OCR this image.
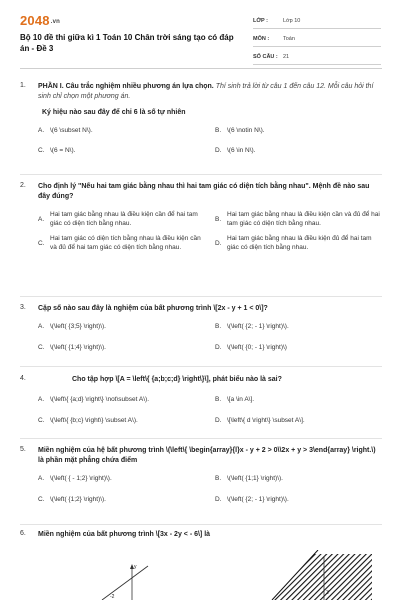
2048.vn
Bộ 10 đề thi giữa kì 1 Toán 10 Chân trời sáng tạo có đáp án - Đề 3
LỚP :	Lớp 10
MÔN :	Toán
SỐ CÂU : 21
1.	PHẦN I. Câu trắc nghiệm nhiều phương án lựa chọn. Thí sinh trả lời từ câu 1 đến câu 12. Mỗi câu hỏi thí sinh chỉ chọn một phương án.
Ký hiệu nào sau đây để chỉ 6 là số tự nhiên
A. \(6 \subset N\).	B. \(6 \notin N\).
C. \(6 = N\).	D. \(6 \in N\).
2.	Cho định lý "Nếu hai tam giác bằng nhau thì hai tam giác có diện tích bằng nhau". Mệnh đề nào sau đây đúng?
A.
Hai tam giác bằng nhau là điều kiện cần để hai tam giác có diện tích bằng nhau.
B.
Hai tam giác bằng nhau là điều kiện cần và đủ để hai tam giác có diện tích bằng nhau.
C.
Hai tam giác có diện tích bằng nhau là điều kiện cần và đủ để hai tam giác có diện tích bằng nhau.
D.
Hai tam giác bằng nhau là điều kiện đủ để hai tam giác có diện tích bằng nhau.
3.	Cặp số nào sau đây là nghiệm của bất phương trình \[2x - y + 1 < 0\]?
A. \(\left( {3;5} \right)\).	B. \(\left( {2; - 1} \right)\).
C. \(\left( {1;4} \right)\).	D. \(\left( {0; - 1} \right)\)
4.	Cho tập hợp \[A = \left\{ {a;b;c;d} \right\}\], phát biểu nào là sai?
A. \(\left\{ {a;d} \right\} \not\subset A\).	B. \[a \in A\].
C. \(\left\{ {b;c} \right\} \subset A\).	D. \[\left\{ d \right\} \subset A\].
5.	Miền nghiệm của hệ bất phương trình \(\left\{ \begin{array}{l}x - y + 2 > 0\\2x + y > 3\end{array} \right.\) là phần mặt phẳng chứa điểm
A. \(\left( { - 1;2} \right)\).	B. \(\left( {1;1} \right)\).
C. \(\left( {1;2} \right)\).	D. \(\left( {2; - 1} \right)\).
6.	Miền nghiệm của bất phương trình \[3x - 2y < - 6\] là
y
-2
3
